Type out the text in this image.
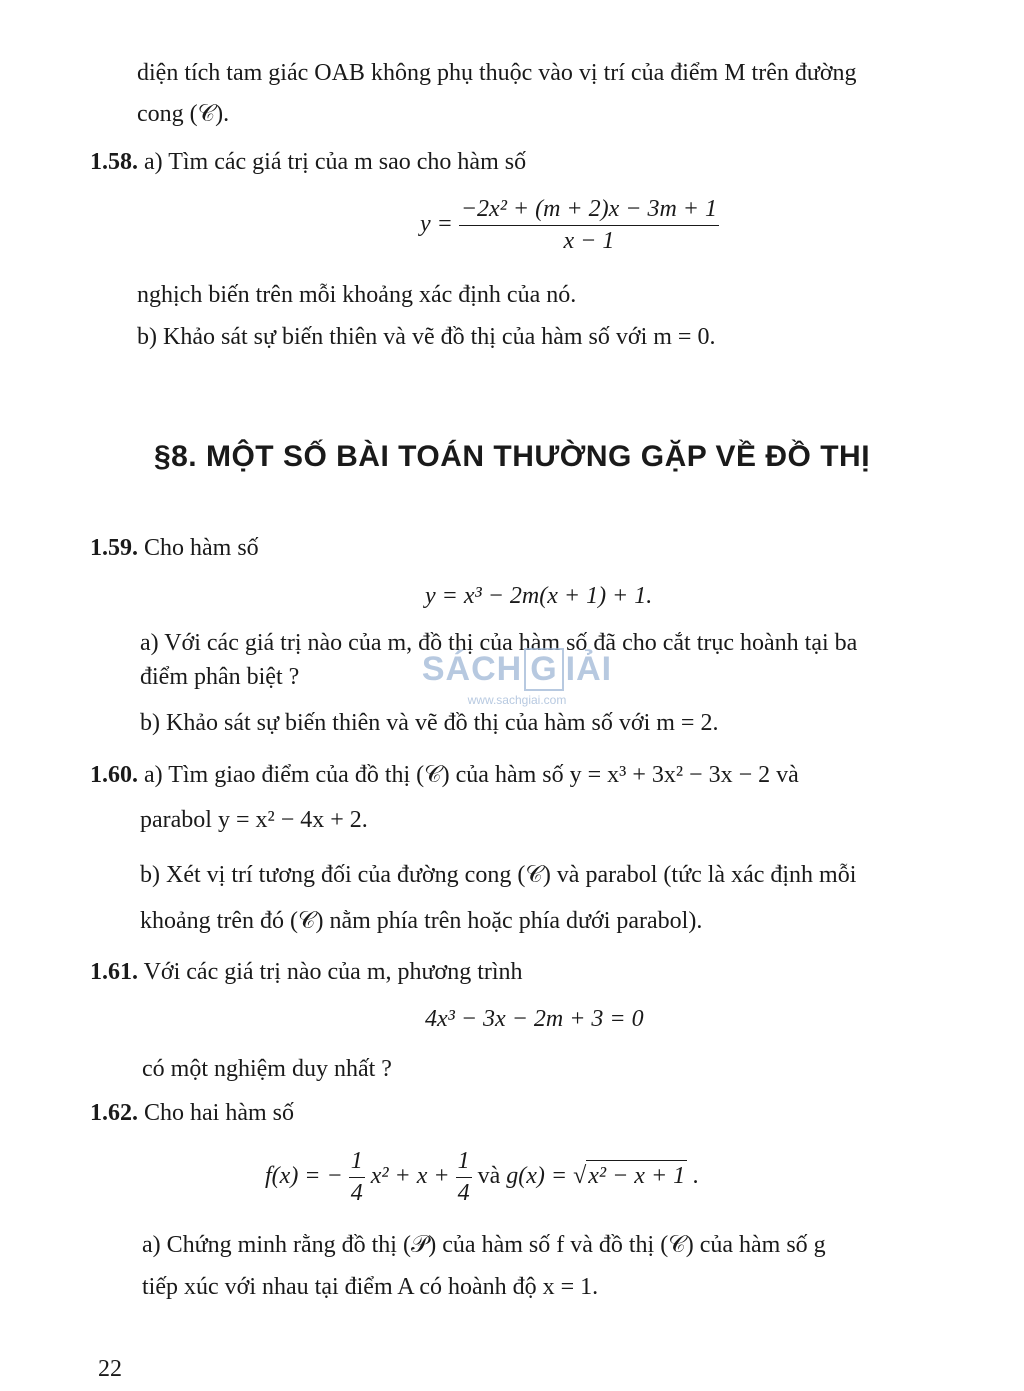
diện tích tam giác OAB không phụ thuộc vào vị trí của điểm M trên đường
cong (𝒞).
1.58. a) Tìm các giá trị của m sao cho hàm số
$y = \frac{\text{−2x² + (m + 2)x − 3m + 1}}{x - 1}$
nghịch biến trên mỗi khoảng xác định của nó.
b) Khảo sát sự biến thiên và vẽ đồ thị của hàm số với m = 0.
§8. MỘT SỐ BÀI TOÁN THƯỜNG GẶP VỀ ĐỒ THỊ
1.59. Cho hàm số
y = x³ − 2m(x + 1) + 1.
a) Với các giá trị nào của m, đồ thị của hàm số đã cho cắt trục hoành tại ba
điểm phân biệt ?
b) Khảo sát sự biến thiên và vẽ đồ thị của hàm số với m = 2.
SÁCH G IẢI
www.sachgiai.com
1.60. a) Tìm giao điểm của đồ thị (𝒞) của hàm số y = x³ + 3x² − 3x − 2 và
parabol y = x² − 4x + 2.
b) Xét vị trí tương đối của đường cong (𝒞) và parabol (tức là xác định mỗi
khoảng trên đó (𝒞) nằm phía trên hoặc phía dưới parabol).
1.61. Với các giá trị nào của m, phương trình
4x³ − 3x − 2m + 3 = 0
có một nghiệm duy nhất ?
1.62. Cho hai hàm số
f(x) = − $\frac{1}{4} x^2 + x + \frac{1}{4}$ và g(x) = √x² − x + 1 .
a) Chứng minh rằng đồ thị (𝒫) của hàm số f và đồ thị (𝒞) của hàm số g
tiếp xúc với nhau tại điểm A có hoành độ x = 1.
22
